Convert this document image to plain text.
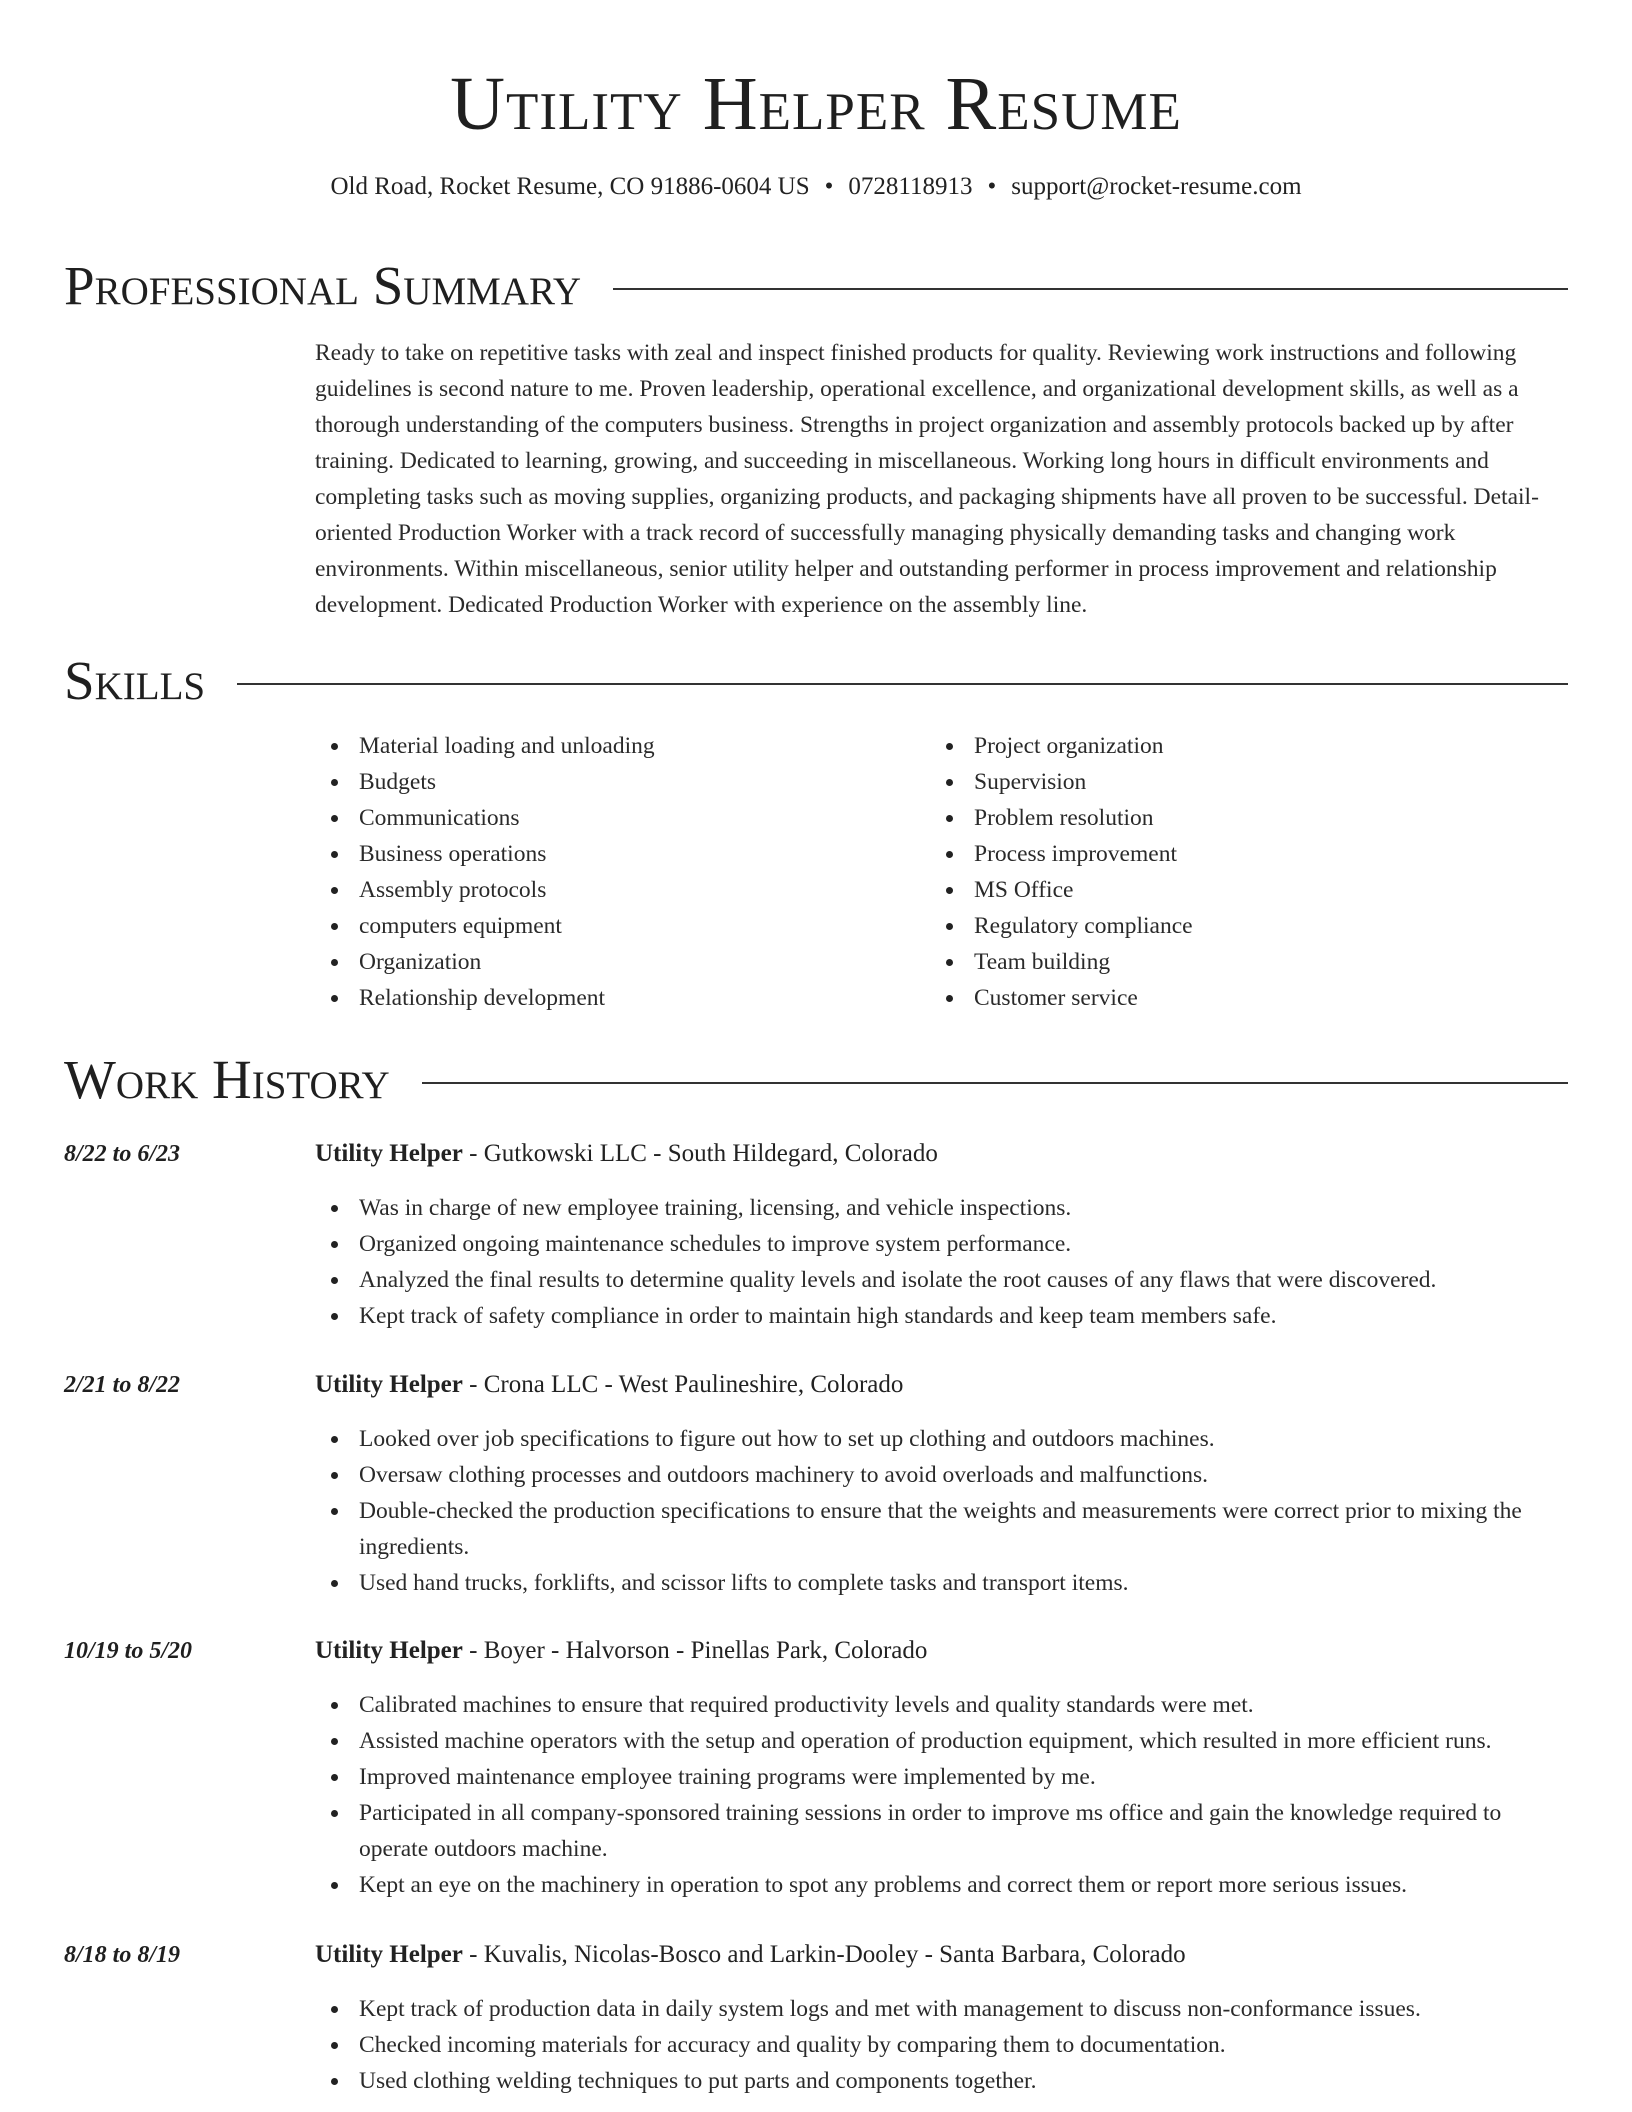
Utility Helper Resume
Old Road, Rocket Resume, CO 91886-0604 US • 0728118913 • support@rocket-resume.com
Professional Summary

Ready to take on repetitive tasks with zeal and inspect finished products for quality. Reviewing work instructions and following guidelines is second nature to me. Proven leadership, operational excellence, and organizational development skills, as well as a thorough understanding of the computers business. Strengths in project organization and assembly protocols backed up by after training. Dedicated to learning, growing, and succeeding in miscellaneous. Working long hours in difficult environments and completing tasks such as moving supplies, organizing products, and packaging shipments have all proven to be successful. Detail-oriented Production Worker with a track record of successfully managing physically demanding tasks and changing work environments. Within miscellaneous, senior utility helper and outstanding performer in process improvement and relationship development. Dedicated Production Worker with experience on the assembly line.

Skills
Material loading and unloading
Budgets
Communications
Business operations
Assembly protocols
computers equipment
Organization
Relationship development
Project organization
Supervision
Problem resolution
Process improvement
MS Office
Regulatory compliance
Team building
Customer service
Work History
8/22 to 6/23	Utility Helper - Gutkowski LLC - South Hildegard, Colorado
Was in charge of new employee training, licensing, and vehicle inspections.
Organized ongoing maintenance schedules to improve system performance.
Analyzed the final results to determine quality levels and isolate the root causes of any flaws that were discovered.
Kept track of safety compliance in order to maintain high standards and keep team members safe.
2/21 to 8/22	Utility Helper - Crona LLC - West Paulineshire, Colorado
Looked over job specifications to figure out how to set up clothing and outdoors machines.
Oversaw clothing processes and outdoors machinery to avoid overloads and malfunctions.
Double-checked the production specifications to ensure that the weights and measurements were correct prior to mixing the ingredients.
Used hand trucks, forklifts, and scissor lifts to complete tasks and transport items.
10/19 to 5/20	Utility Helper - Boyer - Halvorson - Pinellas Park, Colorado
Calibrated machines to ensure that required productivity levels and quality standards were met.
Assisted machine operators with the setup and operation of production equipment, which resulted in more efficient runs.
Improved maintenance employee training programs were implemented by me.
Participated in all company-sponsored training sessions in order to improve ms office and gain the knowledge required to operate outdoors machine.
Kept an eye on the machinery in operation to spot any problems and correct them or report more serious issues.
8/18 to 8/19	Utility Helper - Kuvalis, Nicolas-Bosco and Larkin-Dooley - Santa Barbara, Colorado
Kept track of production data in daily system logs and met with management to discuss non-conformance issues.
Checked incoming materials for accuracy and quality by comparing them to documentation.
Used clothing welding techniques to put parts and components together.
